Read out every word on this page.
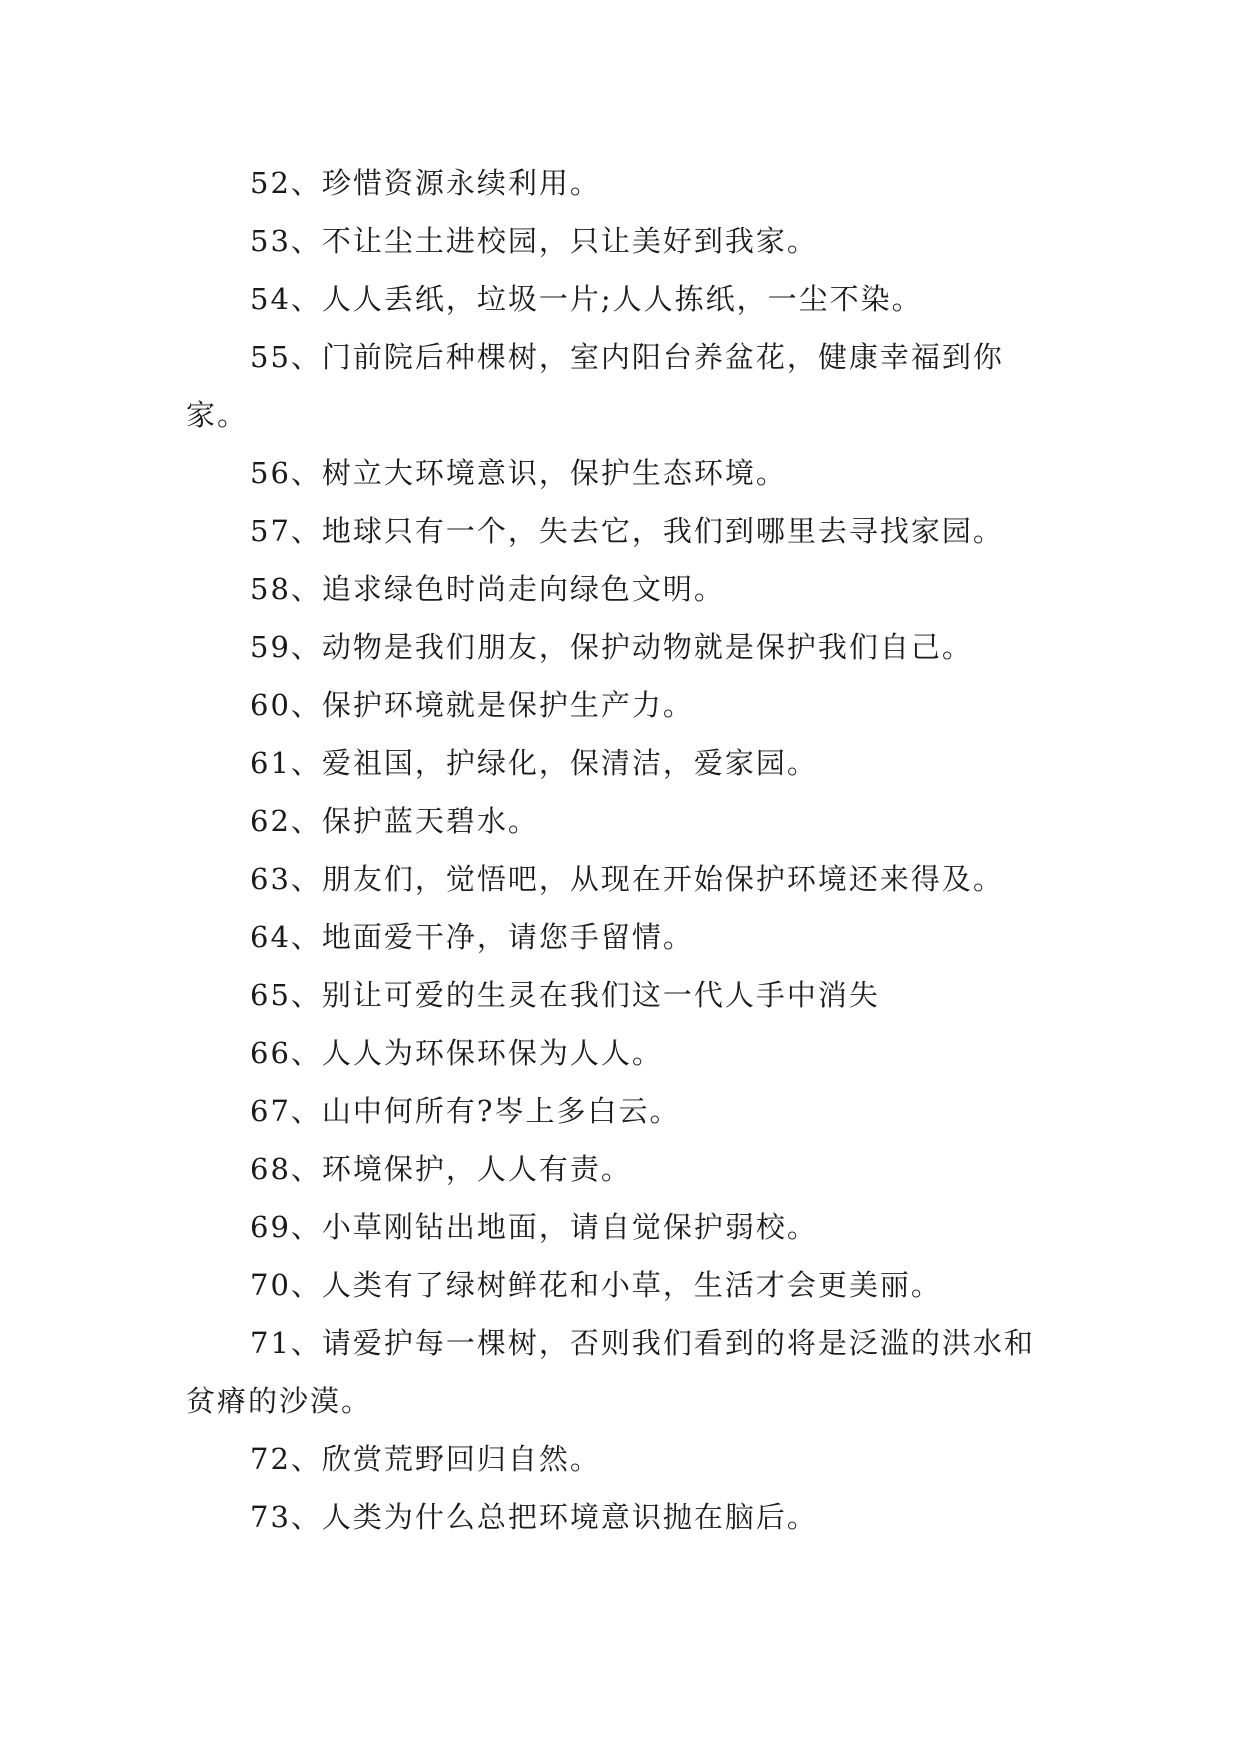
52、珍惜资源永续利用。

53、不让尘土进校园，只让美好到我家。

54、人人丢纸，垃圾一片;人人拣纸，一尘不染。

55、门前院后种棵树，室内阳台养盆花，健康幸福到你家。

56、树立大环境意识，保护生态环境。

57、地球只有一个，失去它，我们到哪里去寻找家园。

58、追求绿色时尚走向绿色文明。

59、动物是我们朋友，保护动物就是保护我们自己。

60、保护环境就是保护生产力。

61、爱祖国，护绿化，保清洁，爱家园。

62、保护蓝天碧水。

63、朋友们，觉悟吧，从现在开始保护环境还来得及。

64、地面爱干净，请您手留情。

65、别让可爱的生灵在我们这一代人手中消失

66、人人为环保环保为人人。

67、山中何所有?岑上多白云。

68、环境保护，人人有责。

69、小草刚钻出地面，请自觉保护弱校。

70、人类有了绿树鲜花和小草，生活才会更美丽。

71、请爱护每一棵树，否则我们看到的将是泛滥的洪水和贫瘠的沙漠。

72、欣赏荒野回归自然。

73、人类为什么总把环境意识抛在脑后。
